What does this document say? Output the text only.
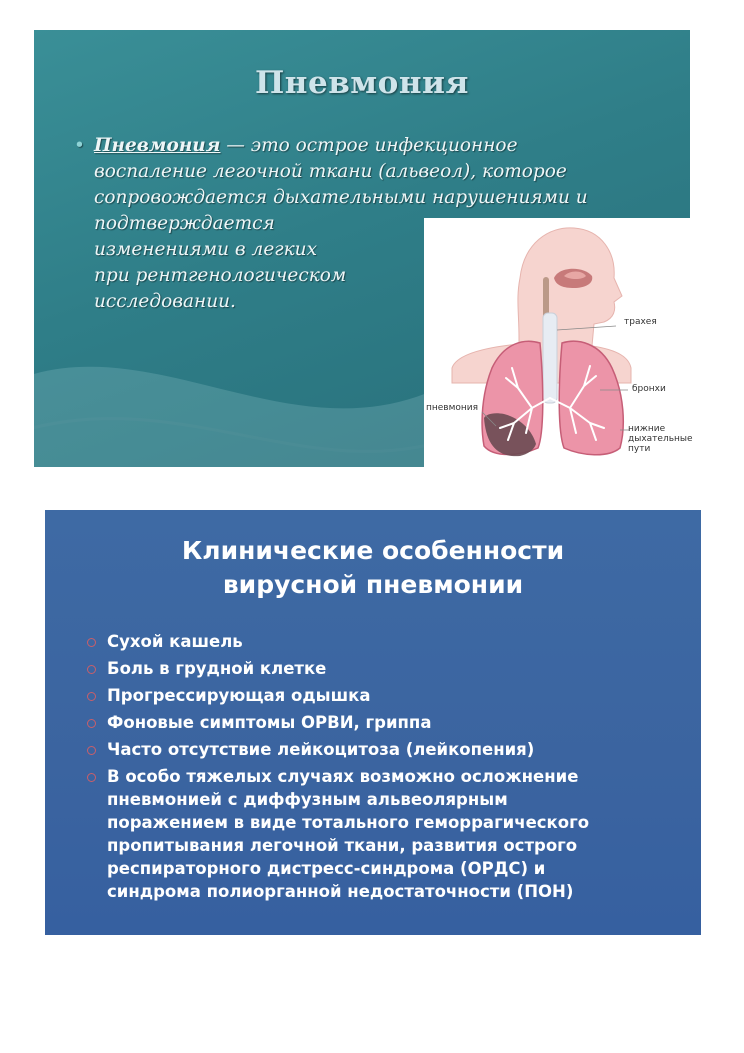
Пневмония
• Пневмония — это острое инфекционное
воспаление легочной ткани (альвеол), которое
сопровождается дыхательными нарушениями и
подтверждается
изменениями в легких
при рентгенологическом
исследовании.
трахея
бронхи
пневмония
нижние
дыхательные
пути
Клинические особенности
вирусной пневмонии
Сухой кашель
Боль в грудной клетке
Прогрессирующая одышка
Фоновые симптомы ОРВИ, гриппа
Часто отсутствие лейкоцитоза (лейкопения)
В особо тяжелых случаях возможно осложнение
пневмонией с диффузным альвеолярным
поражением в виде тотального геморрагического
пропитывания легочной ткани, развития острого
респираторного дистресс-синдрома (ОРДС) и
синдрома полиорганной недостаточности (ПОН)
